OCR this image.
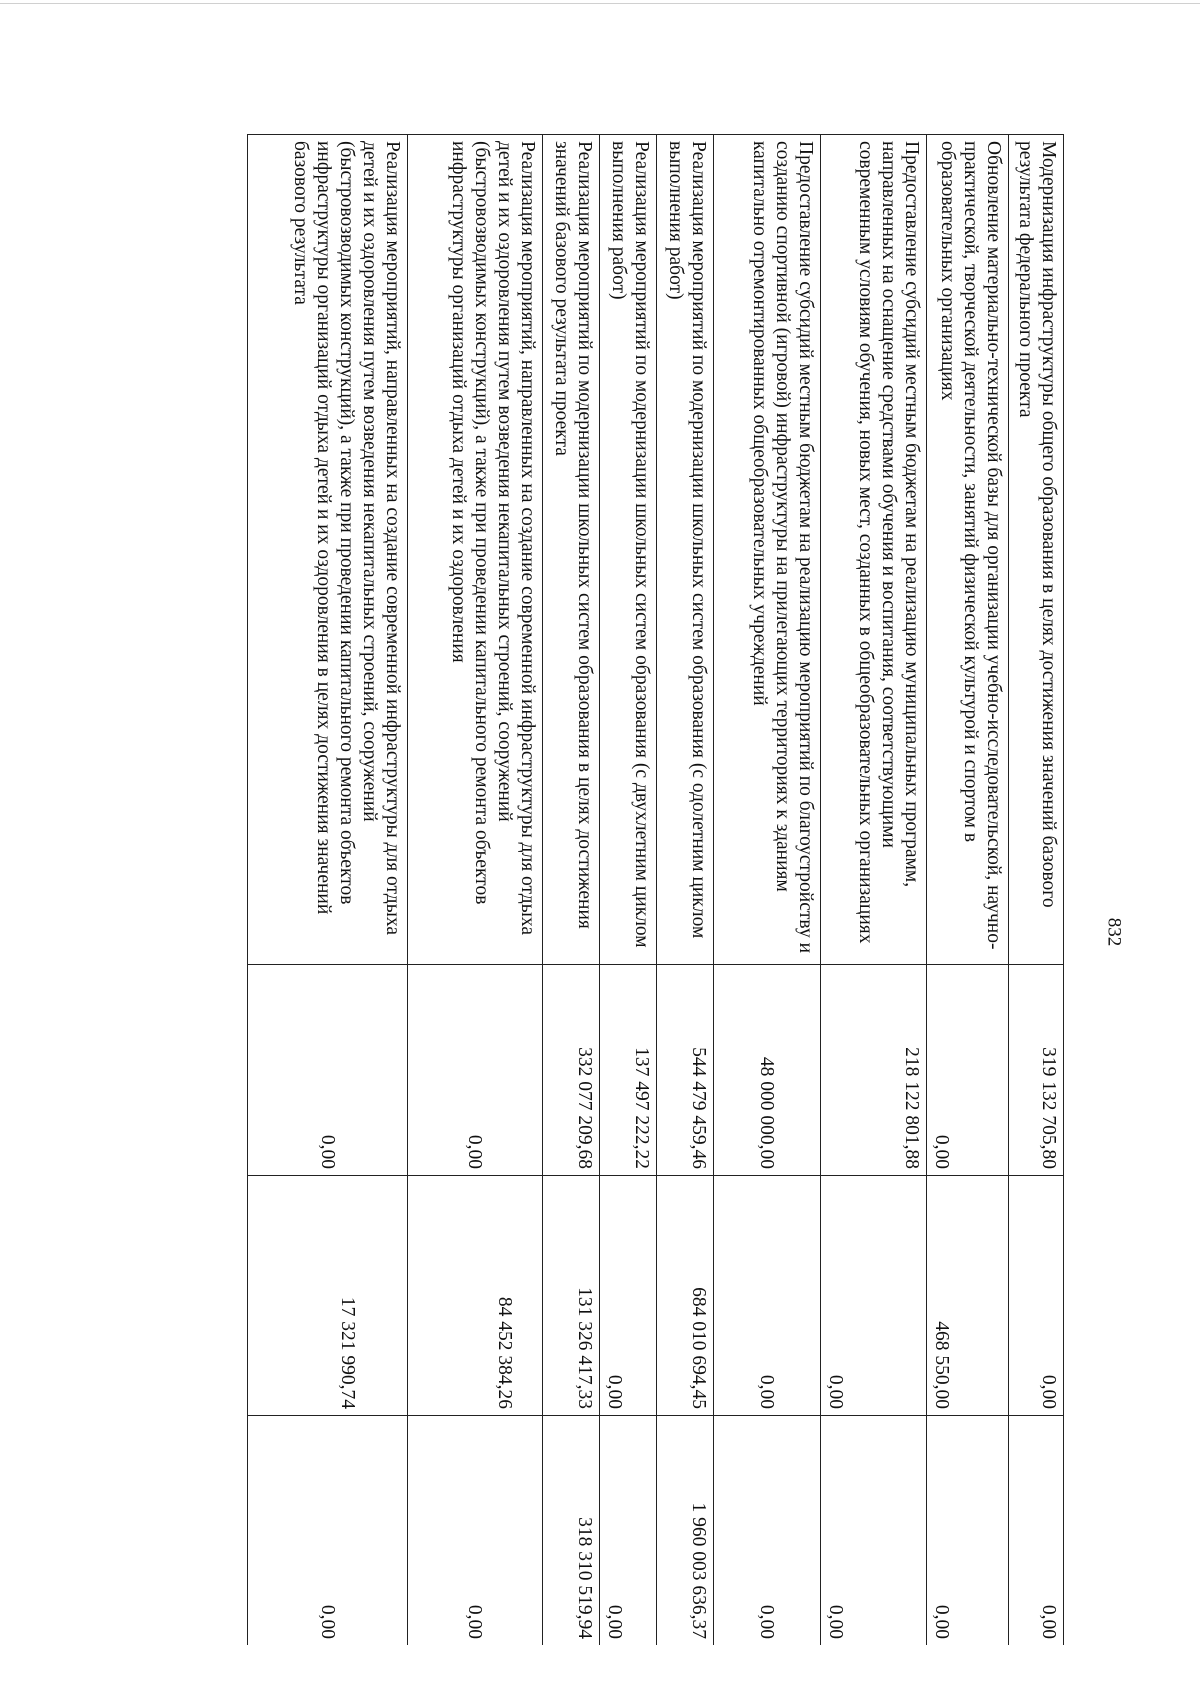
832
Модернизация инфраструктуры общего образования в целях достижения значений базового результата федерального проекта	319 132 705,80	0,00	0,00
Обновление материально-технической базы для организации учебно-исследовательской, научно-практической, творческой деятельности, занятий физической культурой и спортом в образовательных организациях	0,00	468 550,00	0,00
Предоставление субсидий местным бюджетам на реализацию муниципальных программ, направленных на оснащение средствами обучения и воспитания, соответствующими современным условиям обучения, новых мест, созданных в общеобразовательных организациях	218 122 801,88	0,00	0,00
Предоставление субсидий местным бюджетам на реализацию мероприятий по благоустройству и созданию спортивной (игровой) инфраструктуры на прилегающих территориях к зданиям капитально отремонтированных общеобразовательных учреждений	48 000 000,00	0,00	0,00
Реализация мероприятий по модернизации школьных систем образования (с одолетним циклом выполнения работ)	544 479 459,46	684 010 694,45	1 960 003 636,37
Реализация мероприятий по модернизации школьных систем образования (с двухлетним циклом выполнения работ)	137 497 222,22	0,00	0,00
Реализация мероприятий по модернизации школьных систем образования в целях достижения значений базового результата проекта	332 077 209,68	131 326 417,33	318 310 519,94
Реализация мероприятий, направленных на создание современной инфраструктуры для отдыха детей и их оздоровления путем возведения некапитальных строений, сооружений (быстровозводимых конструкций), а также при проведении капитального ремонта объектов инфраструктуры организаций отдыха детей и их оздоровления	0,00	84 452 384,26	0,00
Реализация мероприятий, направленных на создание современной инфраструктуры для отдыха детей и их оздоровления путем возведения некапитальных строений, сооружений (быстровозводимых конструкций), а также при проведении капитального ремонта объектов инфраструктуры организаций отдыха детей и их оздоровления в целях достижения значений базового результата	0,00	17 321 990,74	0,00
